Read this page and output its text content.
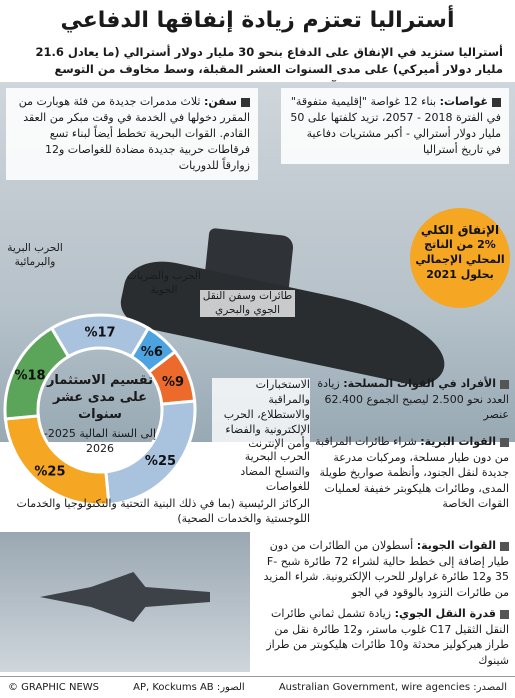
أستراليا تعتزم زيادة إنفاقها الدفاعي
أستراليا ستزيد في الإنفاق على الدفاع بنحو 30 مليار دولار أسترالي (ما يعادل 21.6 مليار دولار أميركي) على مدى السنوات العشر المقبلة، وسط مخاوف من التوسع
غواصات: بناء 12 غواصة "إقليمية متفوقة" في الفترة 2018 - 2057، تزيد كلفتها على 50 مليار دولار أسترالي - أكبر مشتريات دفاعية في تاريخ أستراليا
سفن: ثلاث مدمرات جديدة من فئة هوبارت من المقرر دخولها في الخدمة في وقت مبكر من العقد القادم. القوات البحرية تخطط أيضاً لبناء تسع فرقاطات حربية جديدة مضادة للغواصات و12 زوارقاً للدوريات
الإنفاق الكلي
2% من الناتج
المحلي الإجمالي
بحلول 2021
%17
%6
%9
%25
%25
%18 تقسيم الاستثمار على مدى عشر سنوات
إلى السنة المالية 2025-2026
الحرب البرية والبرمائية
الحرب والضربات الجوية
طائرات وسفن النقل الجوي والبحري
الاستخبارات والمراقبة والاستطلاع، الحرب الإلكترونية والفضاء وأمن الإنترنت
الحرب البحرية والتسلح المضاد للغواصات
الركائز الرئيسية (بما في ذلك البنية التحتية والتكنولوجيا والخدمات اللوجستية والخدمات الصحية)
الأفراد في القوات المسلحة: زيادة العدد نحو 2.500 ليصبح الجموع 62.400 عنصر
القوات البرية: شراء طائرات المراقبة من دون طيار مسلحة، ومركبات مدرعة جديدة لنقل الجنود، وأنظمة صواريخ طويلة المدى، وطائرات هليكوبتر خفيفة لعمليات القوات الخاصة
القوات الجوية: أسطولان من الطائرات من دون طيار إضافة إلى خطط حالية لشراء 72 طائرة شبح F-35 و12 طائرة غراولر للحرب الإلكترونية. شراء المزيد من طائرات التزود بالوقود في الجو
قدرة النقل الجوي: زيادة تشمل ثماني طائرات النقل الثقيل C17 غلوب ماستر، و12 طائرة نقل من طراز هيركوليز محدثة و10 طائرات هليكوبتر من طراز شينوك
© GRAPHIC NEWS	الصور: AP, Kockums AB	المصدر: Australian Government, wire agencies
